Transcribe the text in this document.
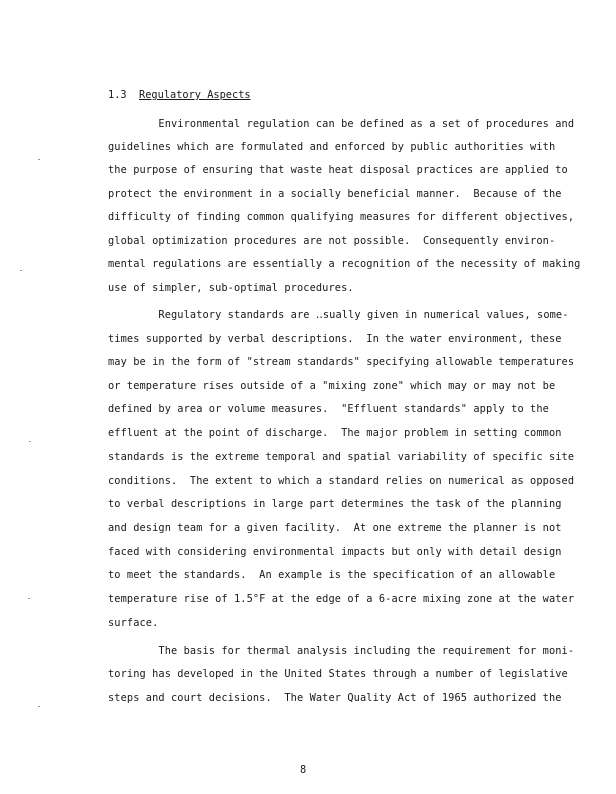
1.3 Regulatory Aspects
Environmental regulation can be defined as a set of procedures and
guidelines which are formulated and enforced by public authorities with
the purpose of ensuring that waste heat disposal practices are applied to
protect the environment in a socially beneficial manner.  Because of the
difficulty of finding common qualifying measures for different objectives,
global optimization procedures are not possible.  Consequently environ-
mental regulations are essentially a recognition of the necessity of making
use of simpler, sub-optimal procedures.
Regulatory standards are ‥sually given in numerical values, some-
times supported by verbal descriptions.  In the water environment, these
may be in the form of "stream standards" specifying allowable temperatures
or temperature rises outside of a "mixing zone" which may or may not be
defined by area or volume measures.  "Effluent standards" apply to the
effluent at the point of discharge.  The major problem in setting common
standards is the extreme temporal and spatial variability of specific site
conditions.  The extent to which a standard relies on numerical as opposed
to verbal descriptions in large part determines the task of the planning
and design team for a given facility.  At one extreme the planner is not
faced with considering environmental impacts but only with detail design
to meet the standards.  An example is the specification of an allowable
temperature rise of 1.5°F at the edge of a 6-acre mixing zone at the water
surface.
The basis for thermal analysis including the requirement for moni-
toring has developed in the United States through a number of legislative
steps and court decisions.  The Water Quality Act of 1965 authorized the
8
